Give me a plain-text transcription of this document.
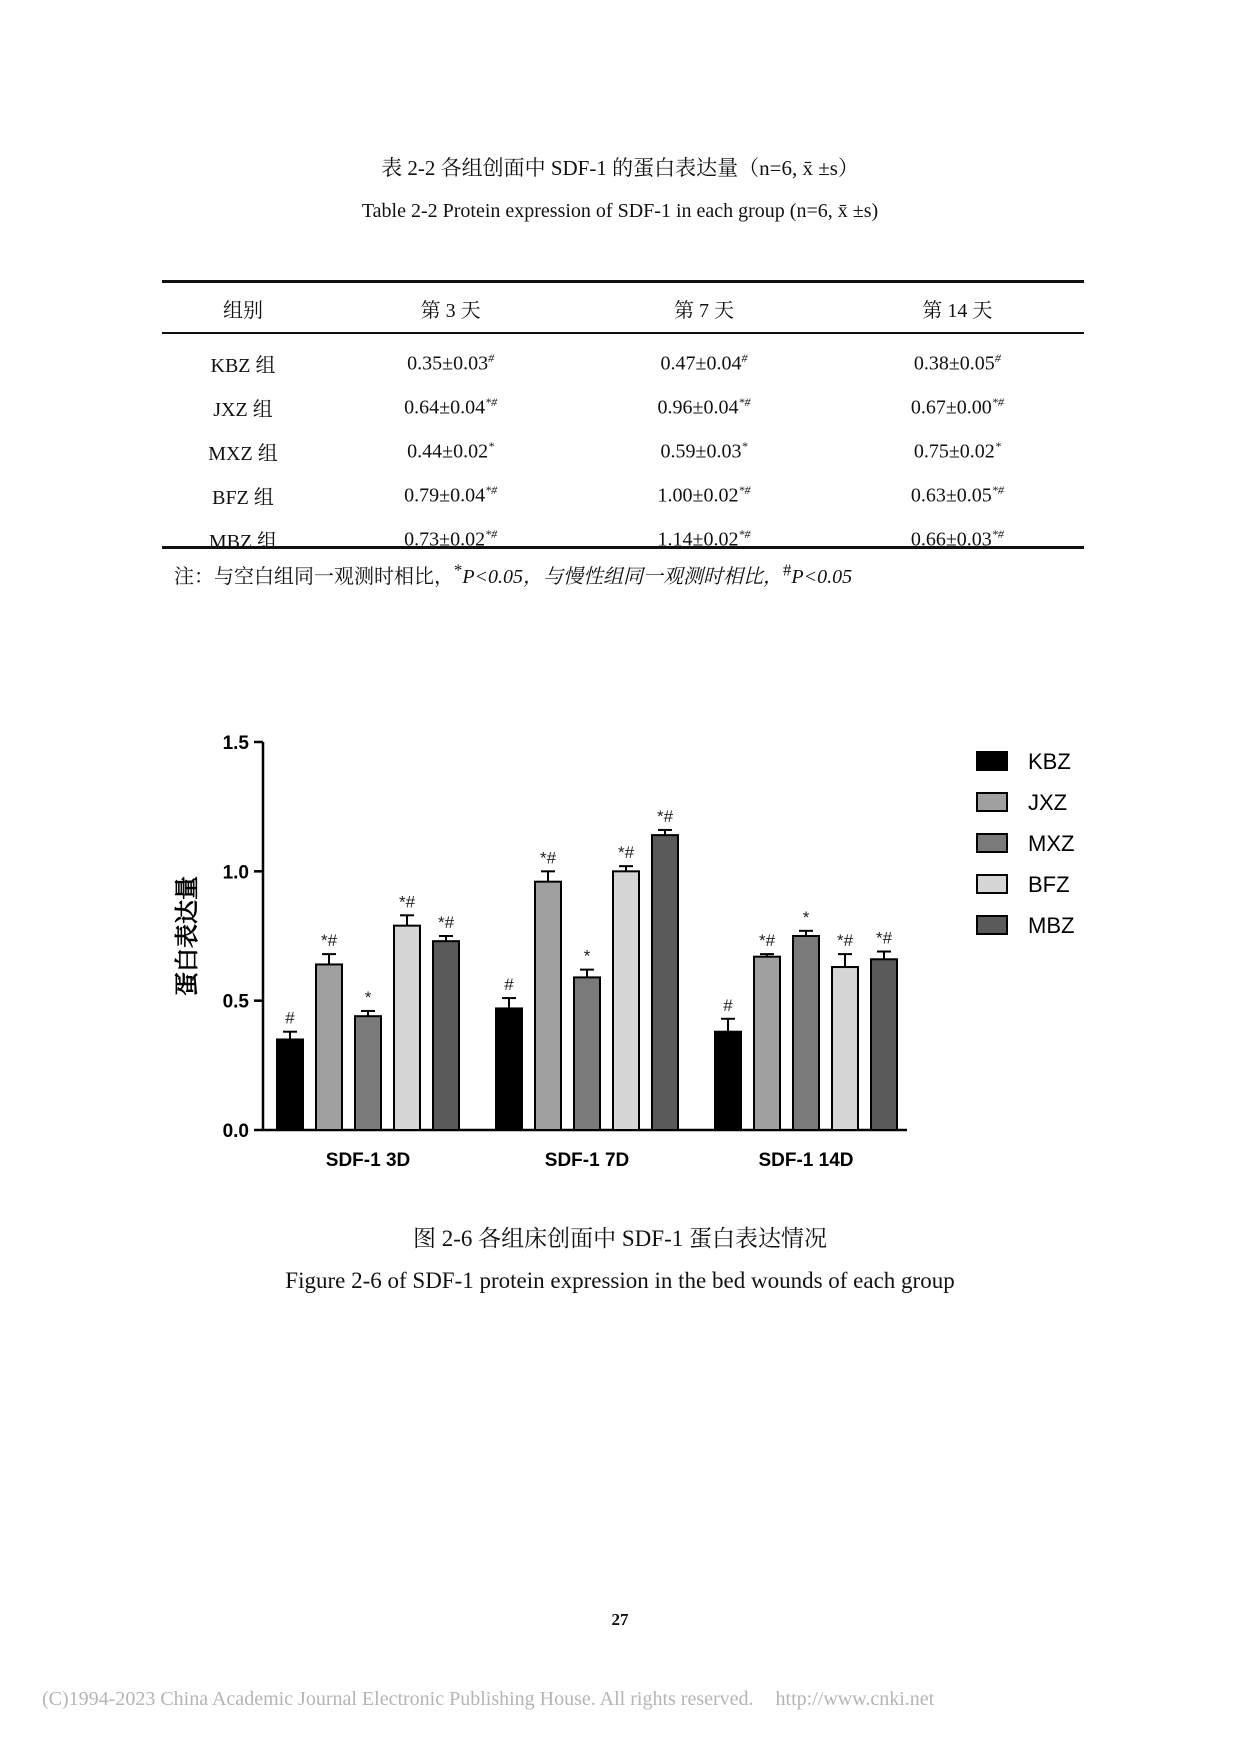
表 2-2 各组创面中 SDF-1 的蛋白表达量（n=6, x̄ ±s）
Table 2-2 Protein expression of SDF-1 in each group (n=6, x̄ ±s)
组别	第 3 天	第 7 天	第 14 天
KBZ 组	0.35±0.03#	0.47±0.04#	0.38±0.05#
JXZ 组	0.64±0.04*#	0.96±0.04*#	0.67±0.00*#
MXZ 组	0.44±0.02*	0.59±0.03*	0.75±0.02*
BFZ 组	0.79±0.04*#	1.00±0.02*#	0.63±0.05*#
MBZ 组	0.73±0.02*#	1.14±0.02*#	0.66±0.03*#
注：与空白组同一观测时相比，*P<0.05，与慢性组同一观测时相比，#P<0.05
0.0
0.5
1.0
1.5
蛋白表达量
#
*#
*
*#
*#
SDF-1 3D
#
*#
*
*#
*#
SDF-1 7D
#
*#
*
*# *#
SDF-1 14D
KBZ
JXZ
MXZ
BFZ
MBZ
图 2-6 各组床创面中 SDF-1 蛋白表达情况
Figure 2-6 of SDF-1 protein expression in the bed wounds of each group
27
(C)1994-2023 China Academic Journal Electronic Publishing House. All rights reserved. http://www.cnki.net
